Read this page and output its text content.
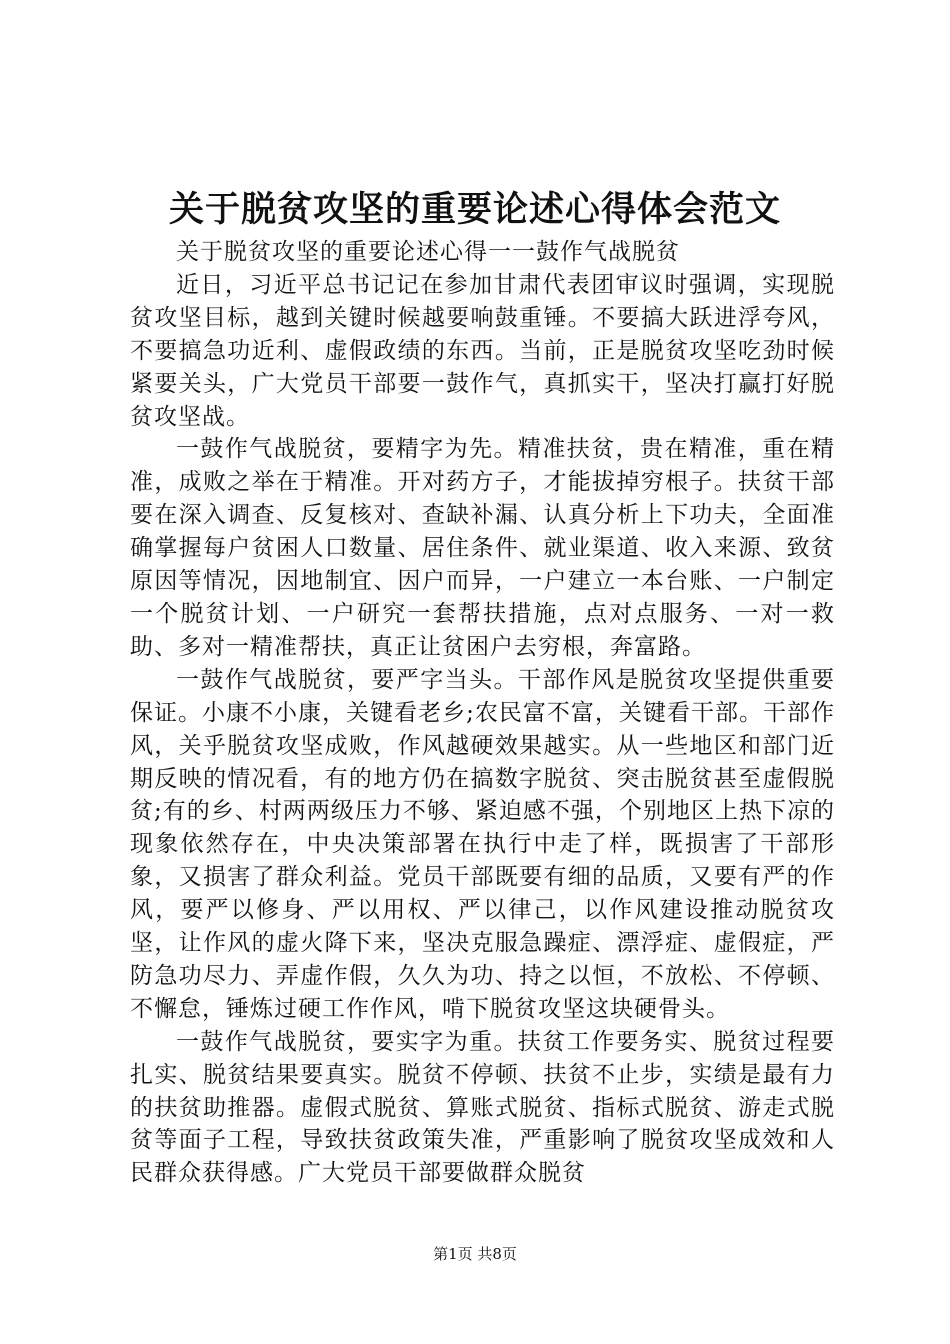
关于脱贫攻坚的重要论述心得体会范文

关于脱贫攻坚的重要论述心得一一鼓作气战脱贫

近日，习近平总书记记在参加甘肃代表团审议时强调，实现脱贫攻坚目标，越到关键时候越要响鼓重锤。不要搞大跃进浮夸风，不要搞急功近利、虚假政绩的东西。当前，正是脱贫攻坚吃劲时候紧要关头，广大党员干部要一鼓作气，真抓实干，坚决打赢打好脱贫攻坚战。

一鼓作气战脱贫，要精字为先。精准扶贫，贵在精准，重在精准，成败之举在于精准。开对药方子，才能拔掉穷根子。扶贫干部要在深入调查、反复核对、查缺补漏、认真分析上下功夫，全面准确掌握每户贫困人口数量、居住条件、就业渠道、收入来源、致贫原因等情况，因地制宜、因户而异，一户建立一本台账、一户制定一个脱贫计划、一户研究一套帮扶措施，点对点服务、一对一救助、多对一精准帮扶，真正让贫困户去穷根，奔富路。

一鼓作气战脱贫，要严字当头。干部作风是脱贫攻坚提供重要保证。小康不小康，关键看老乡;农民富不富，关键看干部。干部作风，关乎脱贫攻坚成败，作风越硬效果越实。从一些地区和部门近期反映的情况看，有的地方仍在搞数字脱贫、突击脱贫甚至虚假脱贫;有的乡、村两两级压力不够、紧迫感不强，个别地区上热下凉的现象依然存在，中央决策部署在执行中走了样，既损害了干部形象，又损害了群众利益。党员干部既要有细的品质，又要有严的作风，要严以修身、严以用权、严以律己，以作风建设推动脱贫攻坚，让作风的虚火降下来，坚决克服急躁症、漂浮症、虚假症，严防急功尽力、弄虚作假，久久为功、持之以恒，不放松、不停顿、不懈怠，锤炼过硬工作作风，啃下脱贫攻坚这块硬骨头。

一鼓作气战脱贫，要实字为重。扶贫工作要务实、脱贫过程要扎实、脱贫结果要真实。脱贫不停顿、扶贫不止步，实绩是最有力的扶贫助推器。虚假式脱贫、算账式脱贫、指标式脱贫、游走式脱贫等面子工程，导致扶贫政策失准，严重影响了脱贫攻坚成效和人民群众获得感。广大党员干部要做群众脱贫

第1页 共8页
